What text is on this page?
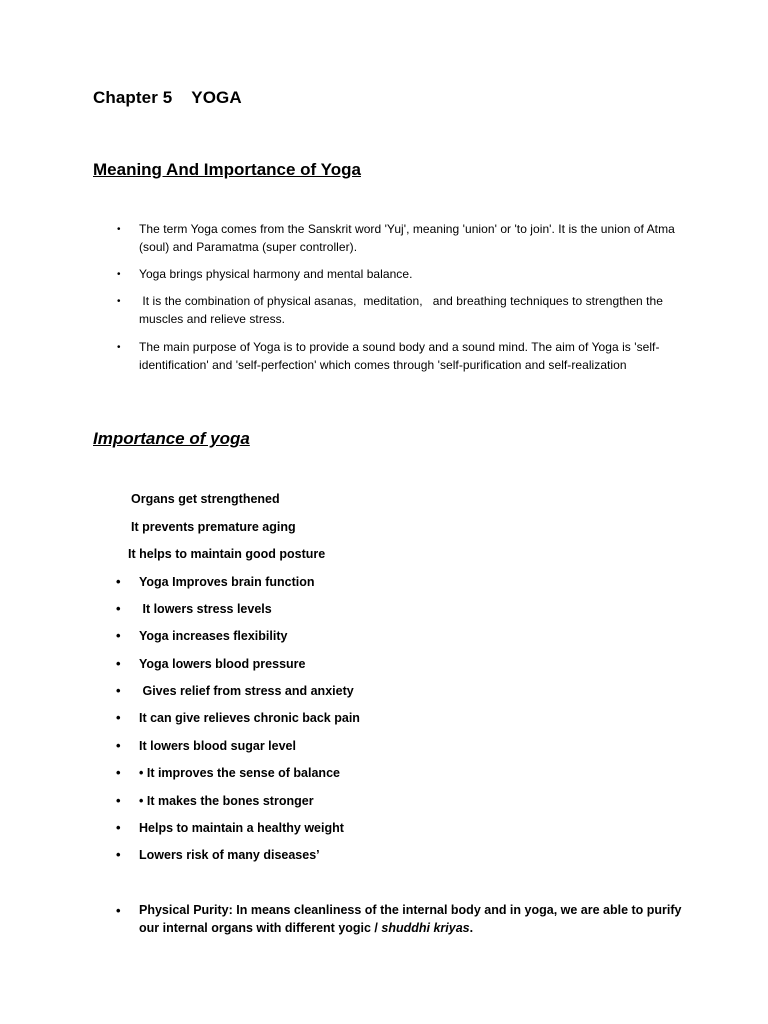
Chapter 5    YOGA
Meaning And Importance of Yoga
• The term Yoga comes from the Sanskrit word 'Yuj', meaning 'union' or 'to join'. It is the union of Atma (soul) and Paramatma (super controller).
• Yoga brings physical harmony and mental balance.
• It is the combination of physical asanas,  meditation,   and breathing techniques to strengthen the muscles and relieve stress.
• The main purpose of Yoga is to provide a sound body and a sound mind. The aim of Yoga is 'self-identification' and 'self-perfection' which comes through 'self-purification and self-realization
Importance of yoga
Organs get strengthened
It prevents premature aging
It helps to maintain good posture
• Yoga Improves brain function
• It lowers stress levels
• Yoga increases flexibility
• Yoga lowers blood pressure
• Gives relief from stress and anxiety
• It can give relieves chronic back pain
• It lowers blood sugar level
• • It improves the sense of balance
• • It makes the bones stronger
• Helps to maintain a healthy weight
• Lowers risk of many diseases’
• Physical Purity: In means cleanliness of the internal body and in yoga, we are able to purify our internal organs with different yogic / shuddhi kriyas.
